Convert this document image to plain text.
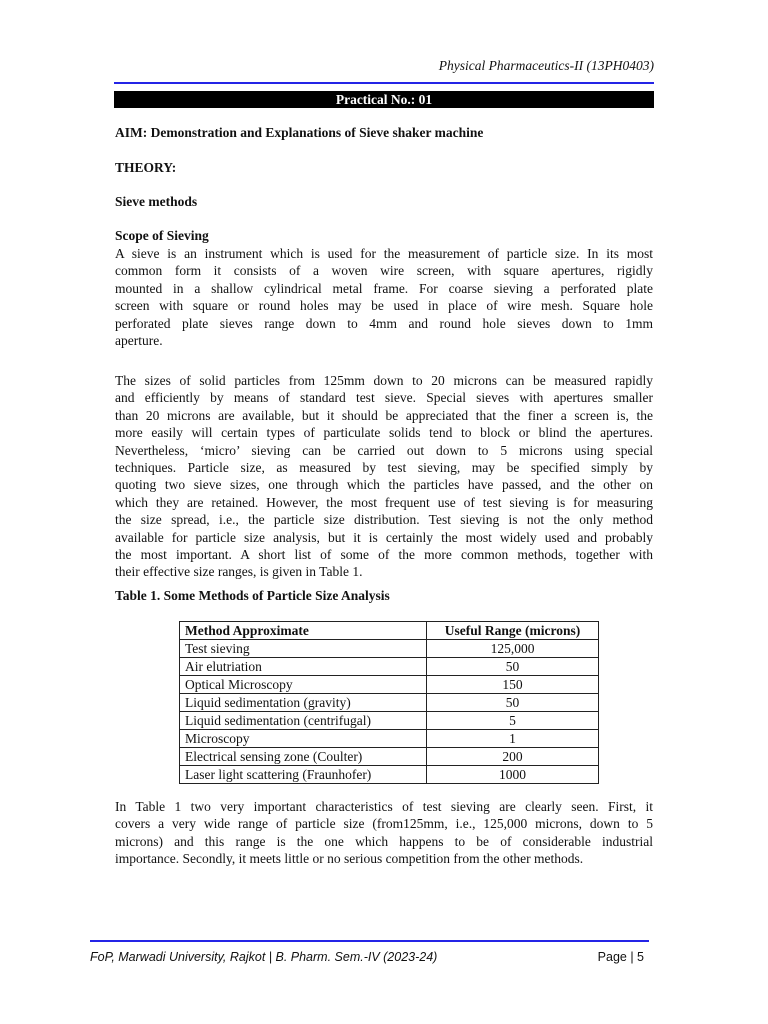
Physical Pharmaceutics-II (13PH0403)
Practical No.: 01
AIM: Demonstration and Explanations of Sieve shaker machine
THEORY:
Sieve methods
Scope of Sieving
A sieve is an instrument which is used for the measurement of particle size. In its most
common form it consists of a woven wire screen, with square apertures, rigidly
mounted in a shallow cylindrical metal frame. For coarse sieving a perforated plate
screen with square or round holes may be used in place of wire mesh. Square hole
perforated plate sieves range down to 4mm and round hole sieves down to 1mm
aperture.
The sizes of solid particles from 125mm down to 20 microns can be measured rapidly
and efficiently by means of standard test sieve. Special sieves with apertures smaller
than 20 microns are available, but it should be appreciated that the finer a screen is, the
more easily will certain types of particulate solids tend to block or blind the apertures.
Nevertheless, ‘micro’ sieving can be carried out down to 5 microns using special
techniques. Particle size, as measured by test sieving, may be specified simply by
quoting two sieve sizes, one through which the particles have passed, and the other on
which they are retained. However, the most frequent use of test sieving is for measuring
the size spread, i.e., the particle size distribution. Test sieving is not the only method
available for particle size analysis, but it is certainly the most widely used and probably
the most important. A short list of some of the more common methods, together with
their effective size ranges, is given in Table 1.
Table 1. Some Methods of Particle Size Analysis
Method Approximate	Useful Range (microns)
Test sieving	125,000
Air elutriation	50
Optical Microscopy	150
Liquid sedimentation (gravity)	50
Liquid sedimentation (centrifugal)	5
Microscopy	1
Electrical sensing zone (Coulter)	200
Laser light scattering (Fraunhofer)	1000
In Table 1 two very important characteristics of test sieving are clearly seen. First, it
covers a very wide range of particle size (from125mm, i.e., 125,000 microns, down to 5
microns) and this range is the one which happens to be of considerable industrial
importance. Secondly, it meets little or no serious competition from the other methods.
FoP, Marwadi University, Rajkot | B. Pharm. Sem.-IV (2023-24)	Page | 5
